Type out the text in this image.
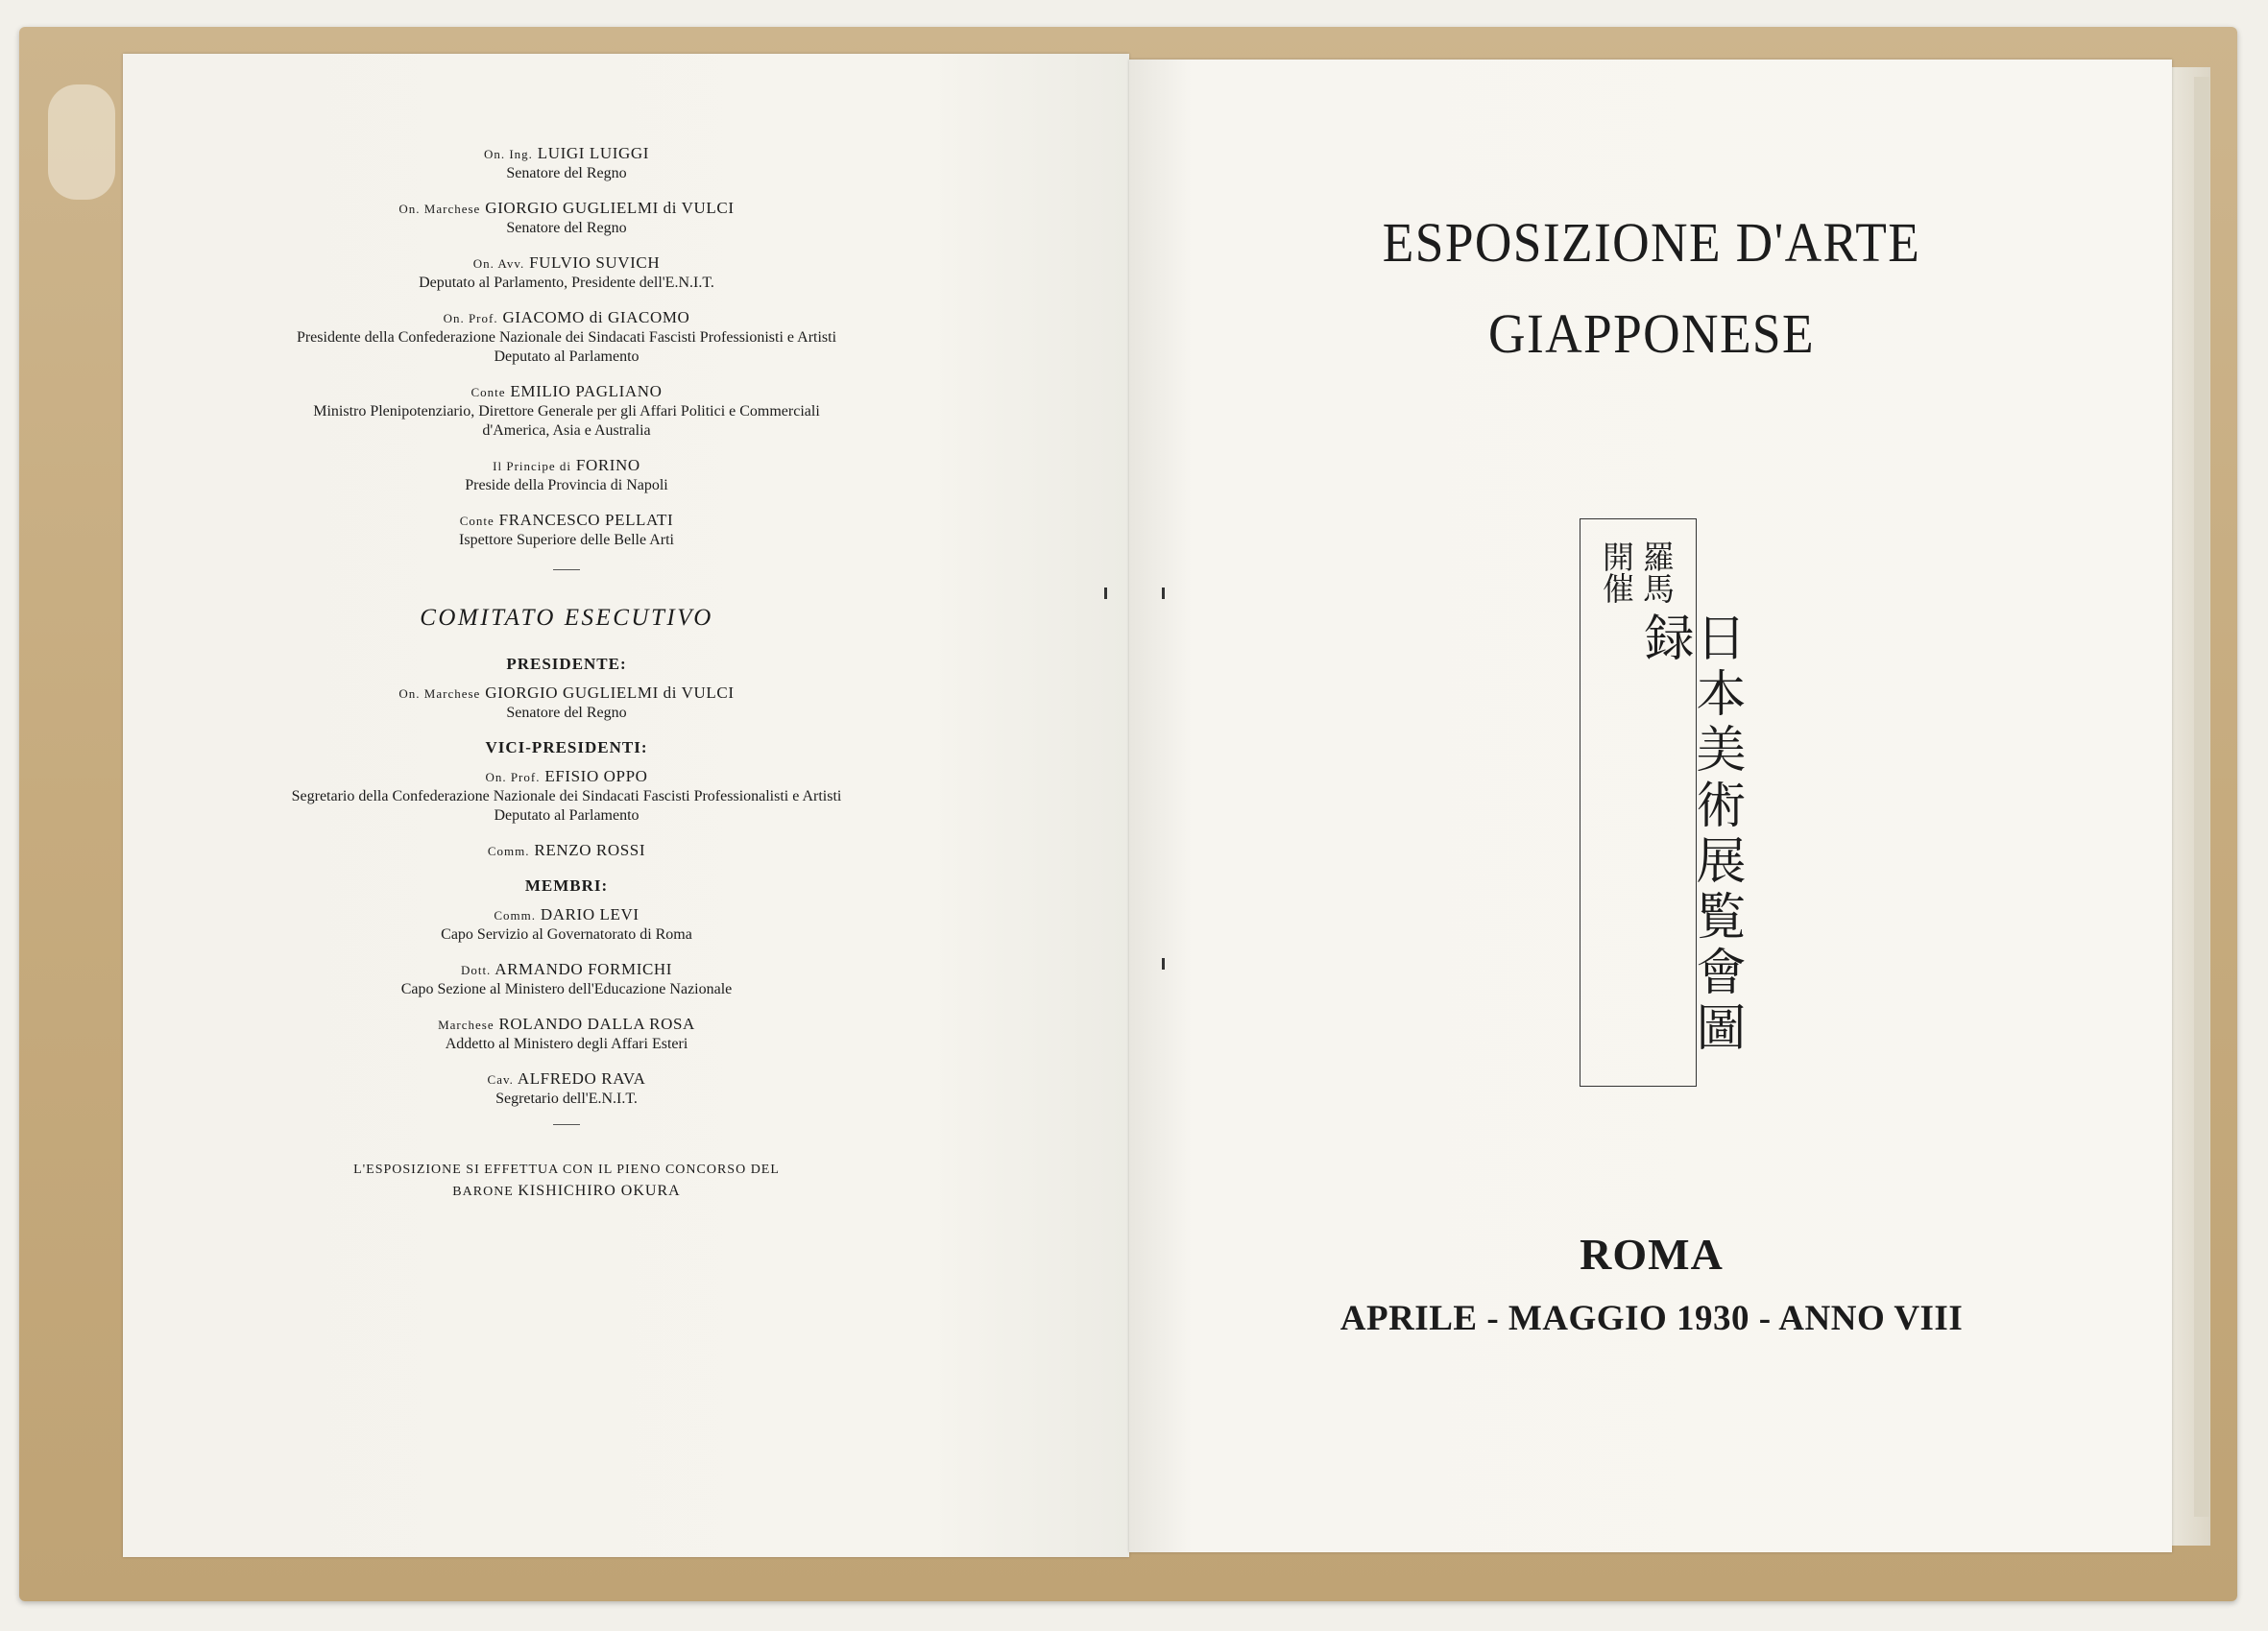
On. Ing. LUIGI LUIGGI
Senatore del Regno
On. Marchese GIORGIO GUGLIELMI di VULCI
Senatore del Regno
On. Avv. FULVIO SUVICH
Deputato al Parlamento, Presidente dell'E.N.I.T.
On. Prof. GIACOMO di GIACOMO
Presidente della Confederazione Nazionale dei Sindacati Fascisti Professionisti e Artisti
Deputato al Parlamento
Conte EMILIO PAGLIANO
Ministro Plenipotenziario, Direttore Generale per gli Affari Politici e Commerciali
d'America, Asia e Australia
Il Principe di FORINO
Preside della Provincia di Napoli
Conte FRANCESCO PELLATI
Ispettore Superiore delle Belle Arti
COMITATO ESECUTIVO
PRESIDENTE:
On. Marchese GIORGIO GUGLIELMI di VULCI
Senatore del Regno
VICI-PRESIDENTI:
On. Prof. EFISIO OPPO
Segretario della Confederazione Nazionale dei Sindacati Fascisti Professionalisti e Artisti
Deputato al Parlamento
Comm. RENZO ROSSI
MEMBRI:
Comm. DARIO LEVI
Capo Servizio al Governatorato di Roma
Dott. ARMANDO FORMICHI
Capo Sezione al Ministero dell'Educazione Nazionale
Marchese ROLANDO DALLA ROSA
Addetto al Ministero degli Affari Esteri
Cav. ALFREDO RAVA
Segretario dell'E.N.I.T.
L'ESPOSIZIONE SI EFFETTUA CON IL PIENO CONCORSO DEL
BARONE KISHICHIRO OKURA
ESPOSIZIONE D'ARTE
GIAPPONESE
羅馬
開催
日本美術展覧會圖録
ROMA
APRILE - MAGGIO 1930 - ANNO VIII
